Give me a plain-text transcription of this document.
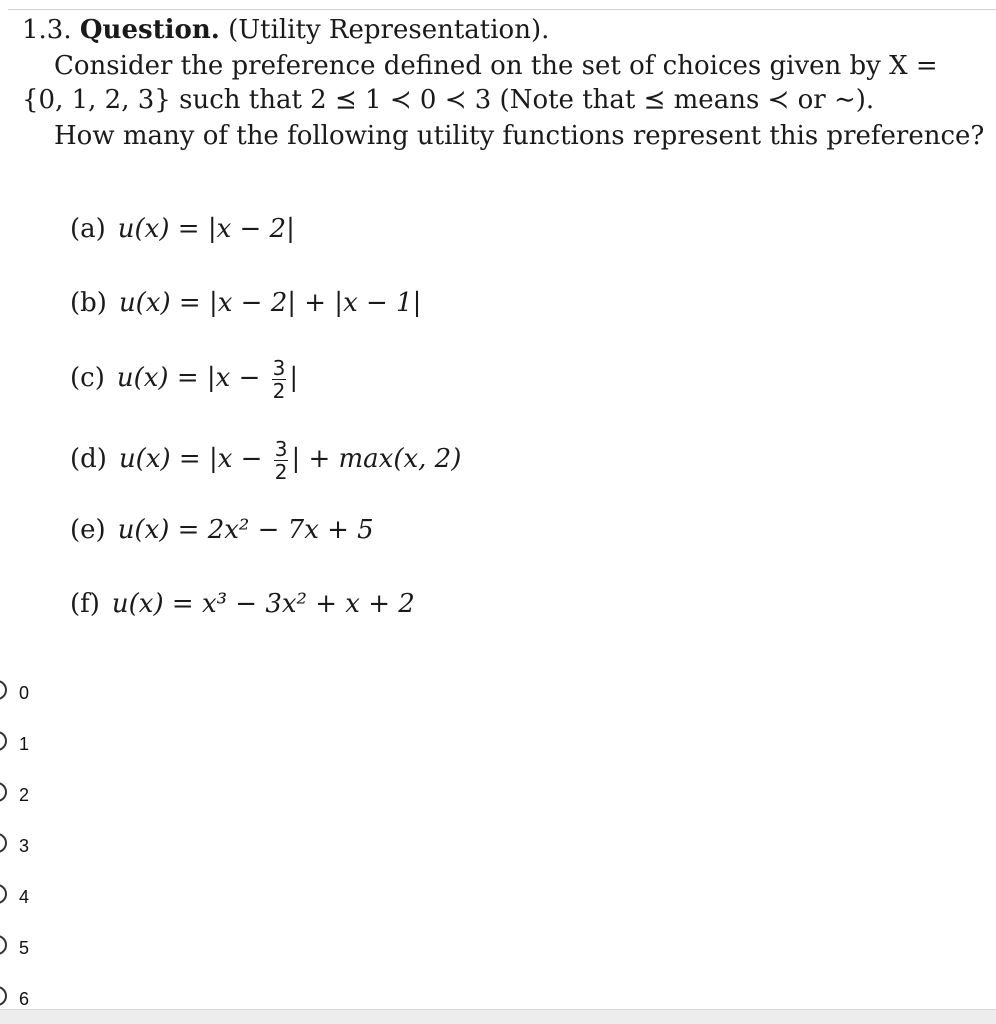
1.3. Question. (Utility Representation).
Consider the preference defined on the set of choices given by X =
{0, 1, 2, 3} such that 2 ⪯ 1 ≺ 0 ≺ 3 (Note that ⪯ means ≺ or ∼).
How many of the following utility functions represent this preference?
(a) u(x) = |x − 2|
(b) u(x) = |x − 2| + |x − 1|
(c) $u(x) = |x - \frac{3}{2}$ |
(d) $u(x) = |x - \frac{3}{2}$ | + max(x, 2)
(e) u(x) = 2x² − 7x + 5
(f) u(x) = x³ − 3x² + x + 2
0
1
2
3
4
5
6
